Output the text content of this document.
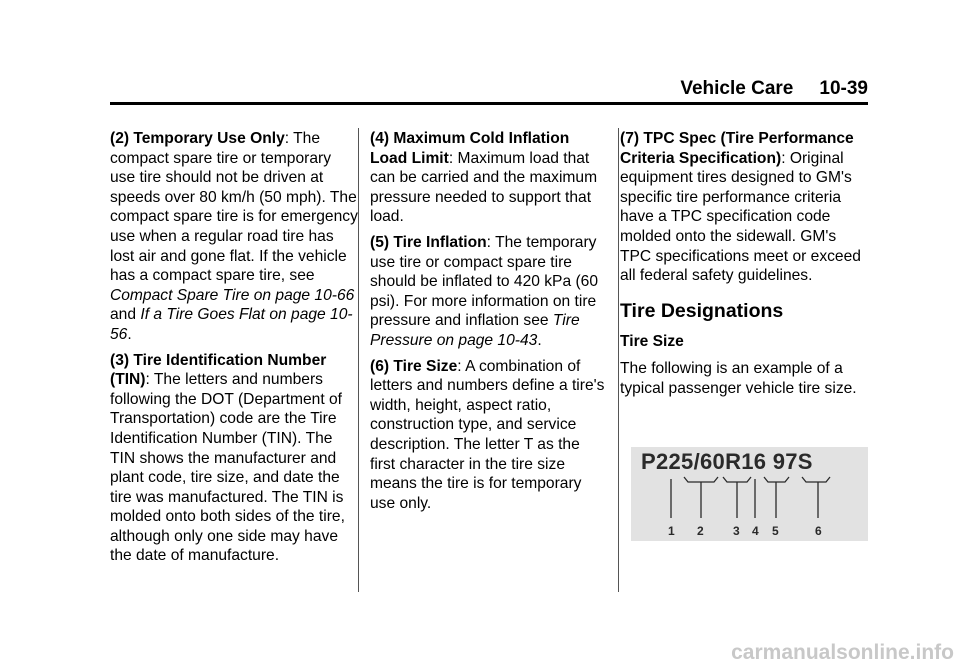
Vehicle Care 10-39

(2) Temporary Use Only: The compact spare tire or temporary use tire should not be driven at speeds over 80 km/h (50 mph). The compact spare tire is for emergency use when a regular road tire has lost air and gone flat. If the vehicle has a compact spare tire, see Compact Spare Tire on page 10-66 and If a Tire Goes Flat on page 10-56.

(3) Tire Identification Number (TIN): The letters and numbers following the DOT (Department of Transportation) code are the Tire Identification Number (TIN). The TIN shows the manufacturer and plant code, tire size, and date the tire was manufactured. The TIN is molded onto both sides of the tire, although only one side may have the date of manufacture.

(4) Maximum Cold Inflation Load Limit: Maximum load that can be carried and the maximum pressure needed to support that load.

(5) Tire Inflation: The temporary use tire or compact spare tire should be inflated to 420 kPa (60 psi). For more information on tire pressure and inflation see Tire Pressure on page 10-43.

(6) Tire Size: A combination of letters and numbers define a tire's width, height, aspect ratio, construction type, and service description. The letter T as the first character in the tire size means the tire is for temporary use only.

(7) TPC Spec (Tire Performance Criteria Specification): Original equipment tires designed to GM's specific tire performance criteria have a TPC specification code molded onto the sidewall. GM's TPC specifications meet or exceed all federal safety guidelines.

Tire Designations
Tire Size

The following is an example of a typical passenger vehicle tire size.

P225/60R16 97S
1 2 3 4 5	6
carmanualsonline.info
